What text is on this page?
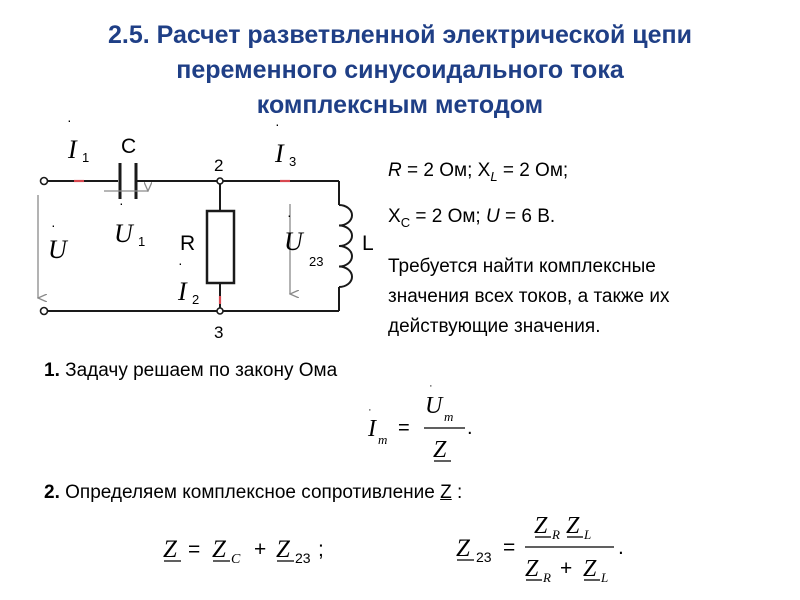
2.5. Расчет разветвленной электрической цепи
переменного синусоидального тока
комплексным методом
·
I 1 C
·
U 1
·
U
2
3
R
·
I 2
·
I 3
·
U
23
L
·
I m
=
·
U m
Z
.
Z = Z C + Z 23 ;	Z 23 =
Z R Z L
Z R + Z L
.
R = 2 Ом; $X_L = 2$ Ом;
$X_C = 2$ Ом; U = 6 В.
Требуется найти комплексные
значения всех токов, а также их
действующие значения.
1. Задачу решаем по закону Ома
2. Определяем комплексное сопротивление Z :
